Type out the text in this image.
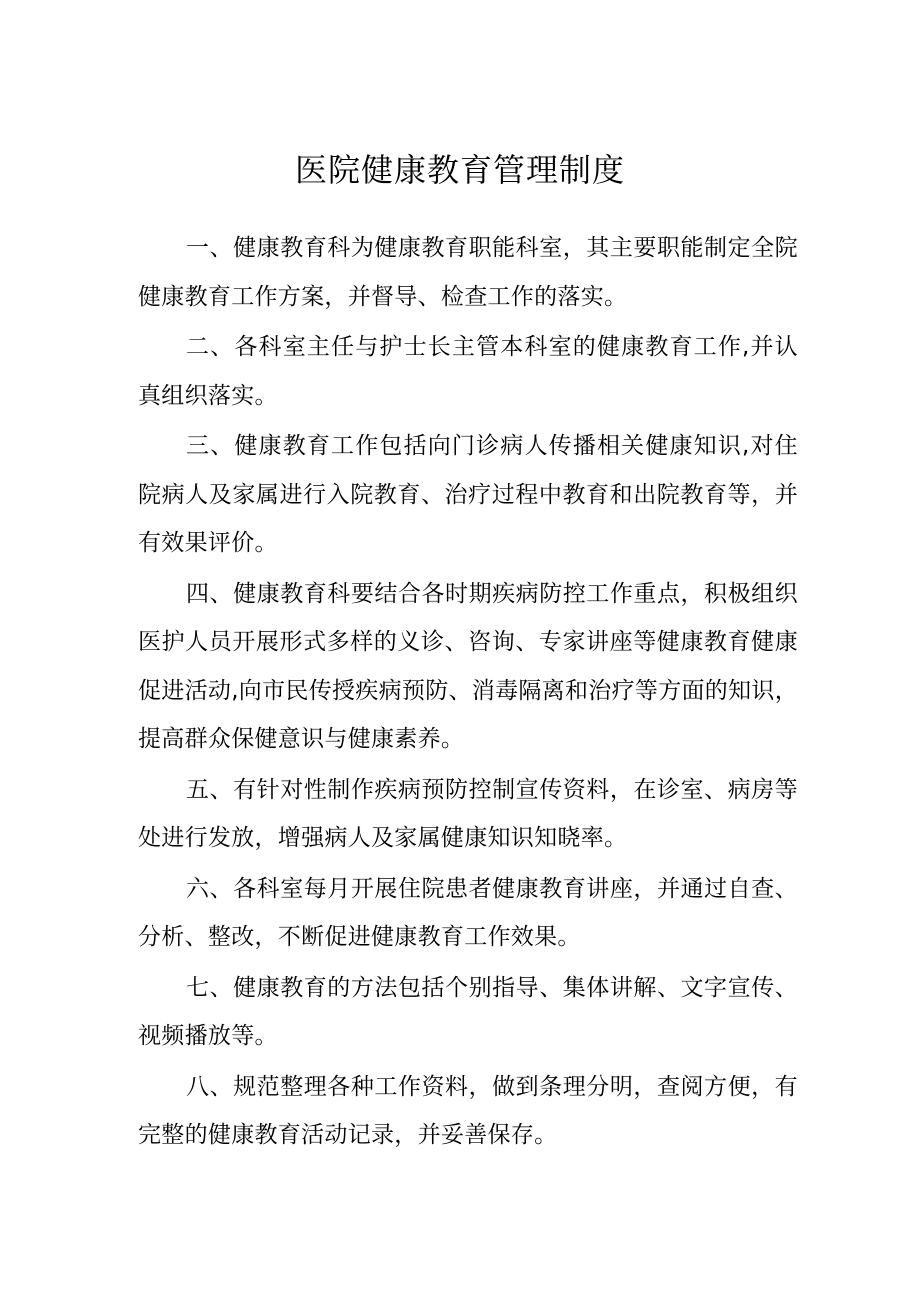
医院健康教育管理制度

一、健康教育科为健康教育职能科室，其主要职能制定全院健康教育工作方案，并督导、检查工作的落实。

二、各科室主任与护士长主管本科室的健康教育工作,并认真组织落实。

三、健康教育工作包括向门诊病人传播相关健康知识,对住院病人及家属进行入院教育、治疗过程中教育和出院教育等，并有效果评价。

四、健康教育科要结合各时期疾病防控工作重点，积极组织医护人员开展形式多样的义诊、咨询、专家讲座等健康教育健康促进活动,向市民传授疾病预防、消毒隔离和治疗等方面的知识，提高群众保健意识与健康素养。

五、有针对性制作疾病预防控制宣传资料，在诊室、病房等处进行发放，增强病人及家属健康知识知晓率。

六、各科室每月开展住院患者健康教育讲座，并通过自查、分析、整改，不断促进健康教育工作效果。

七、健康教育的方法包括个别指导、集体讲解、文字宣传、视频播放等。

八、规范整理各种工作资料，做到条理分明，查阅方便，有完整的健康教育活动记录，并妥善保存。
